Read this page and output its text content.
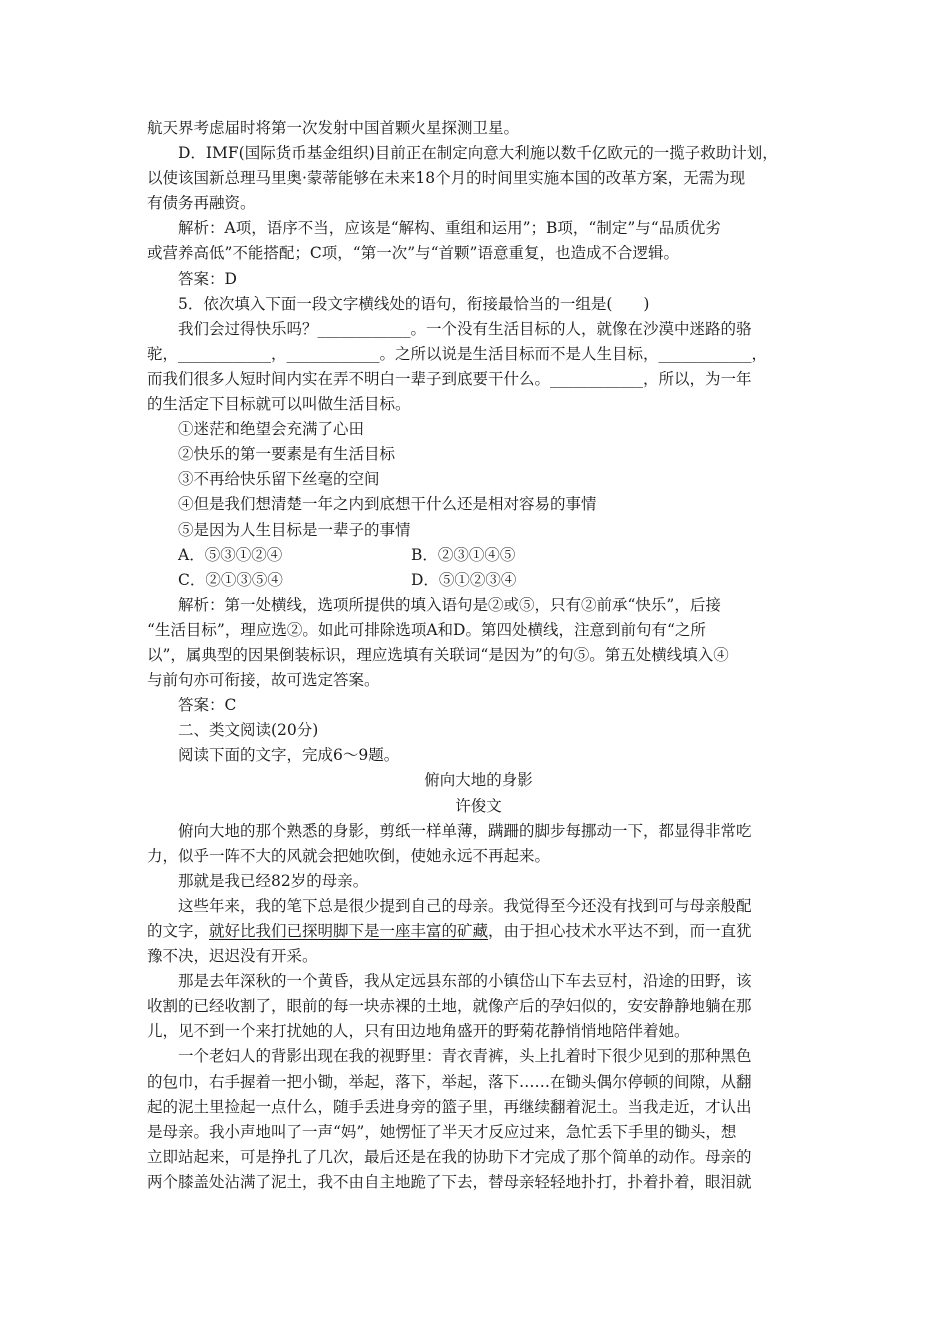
航天界考虑届时将第一次发射中国首颗火星探测卫星。
D．IMF(国际货币基金组织)目前正在制定向意大利施以数千亿欧元的一揽子救助计划，
以使该国新总理马里奥·蒙蒂能够在未来18个月的时间里实施本国的改革方案，无需为现
有债务再融资。
解析：A项，语序不当，应该是“解构、重组和运用”；B项，“制定”与“品质优劣
或营养高低”不能搭配；C项，“第一次”与“首颗”语意重复，也造成不合逻辑。
答案：D
5．依次填入下面一段文字横线处的语句，衔接最恰当的一组是(　　)
我们会过得快乐吗？____________。一个没有生活目标的人，就像在沙漠中迷路的骆
驼，____________，____________。之所以说是生活目标而不是人生目标，____________，
而我们很多人短时间内实在弄不明白一辈子到底要干什么。____________，所以，为一年
的生活定下目标就可以叫做生活目标。
①迷茫和绝望会充满了心田
②快乐的第一要素是有生活目标
③不再给快乐留下丝毫的空间
④但是我们想清楚一年之内到底想干什么还是相对容易的事情
⑤是因为人生目标是一辈子的事情
A．⑤③①②④	B．②③①④⑤
C．②①③⑤④	D．⑤①②③④
解析：第一处横线，选项所提供的填入语句是②或⑤，只有②前承“快乐”，后接
“生活目标”，理应选②。如此可排除选项A和D。第四处横线，注意到前句有“之所
以”，属典型的因果倒装标识，理应选填有关联词“是因为”的句⑤。第五处横线填入④
与前句亦可衔接，故可选定答案。
答案：C
二、类文阅读(20分)
阅读下面的文字，完成6～9题。
俯向大地的身影
许俊文
俯向大地的那个熟悉的身影，剪纸一样单薄，蹒跚的脚步每挪动一下，都显得非常吃
力，似乎一阵不大的风就会把她吹倒，使她永远不再起来。
那就是我已经82岁的母亲。
这些年来，我的笔下总是很少提到自己的母亲。我觉得至今还没有找到可与母亲般配
的文字，就好比我们已探明脚下是一座丰富的矿藏，由于担心技术水平达不到，而一直犹
豫不决，迟迟没有开采。
那是去年深秋的一个黄昏，我从定远县东部的小镇岱山下车去豆村，沿途的田野，该
收割的已经收割了，眼前的每一块赤裸的土地，就像产后的孕妇似的，安安静静地躺在那
儿，见不到一个来打扰她的人，只有田边地角盛开的野菊花静悄悄地陪伴着她。
一个老妇人的背影出现在我的视野里：青衣青裤，头上扎着时下很少见到的那种黑色
的包巾，右手握着一把小锄，举起，落下，举起，落下……在锄头偶尔停顿的间隙，从翻
起的泥土里捡起一点什么，随手丢进身旁的篮子里，再继续翻着泥土。当我走近，才认出
是母亲。我小声地叫了一声“妈”，她愣怔了半天才反应过来，急忙丢下手里的锄头，想
立即站起来，可是挣扎了几次，最后还是在我的协助下才完成了那个简单的动作。母亲的
两个膝盖处沾满了泥土，我不由自主地跪了下去，替母亲轻轻地扑打，扑着扑着，眼泪就
